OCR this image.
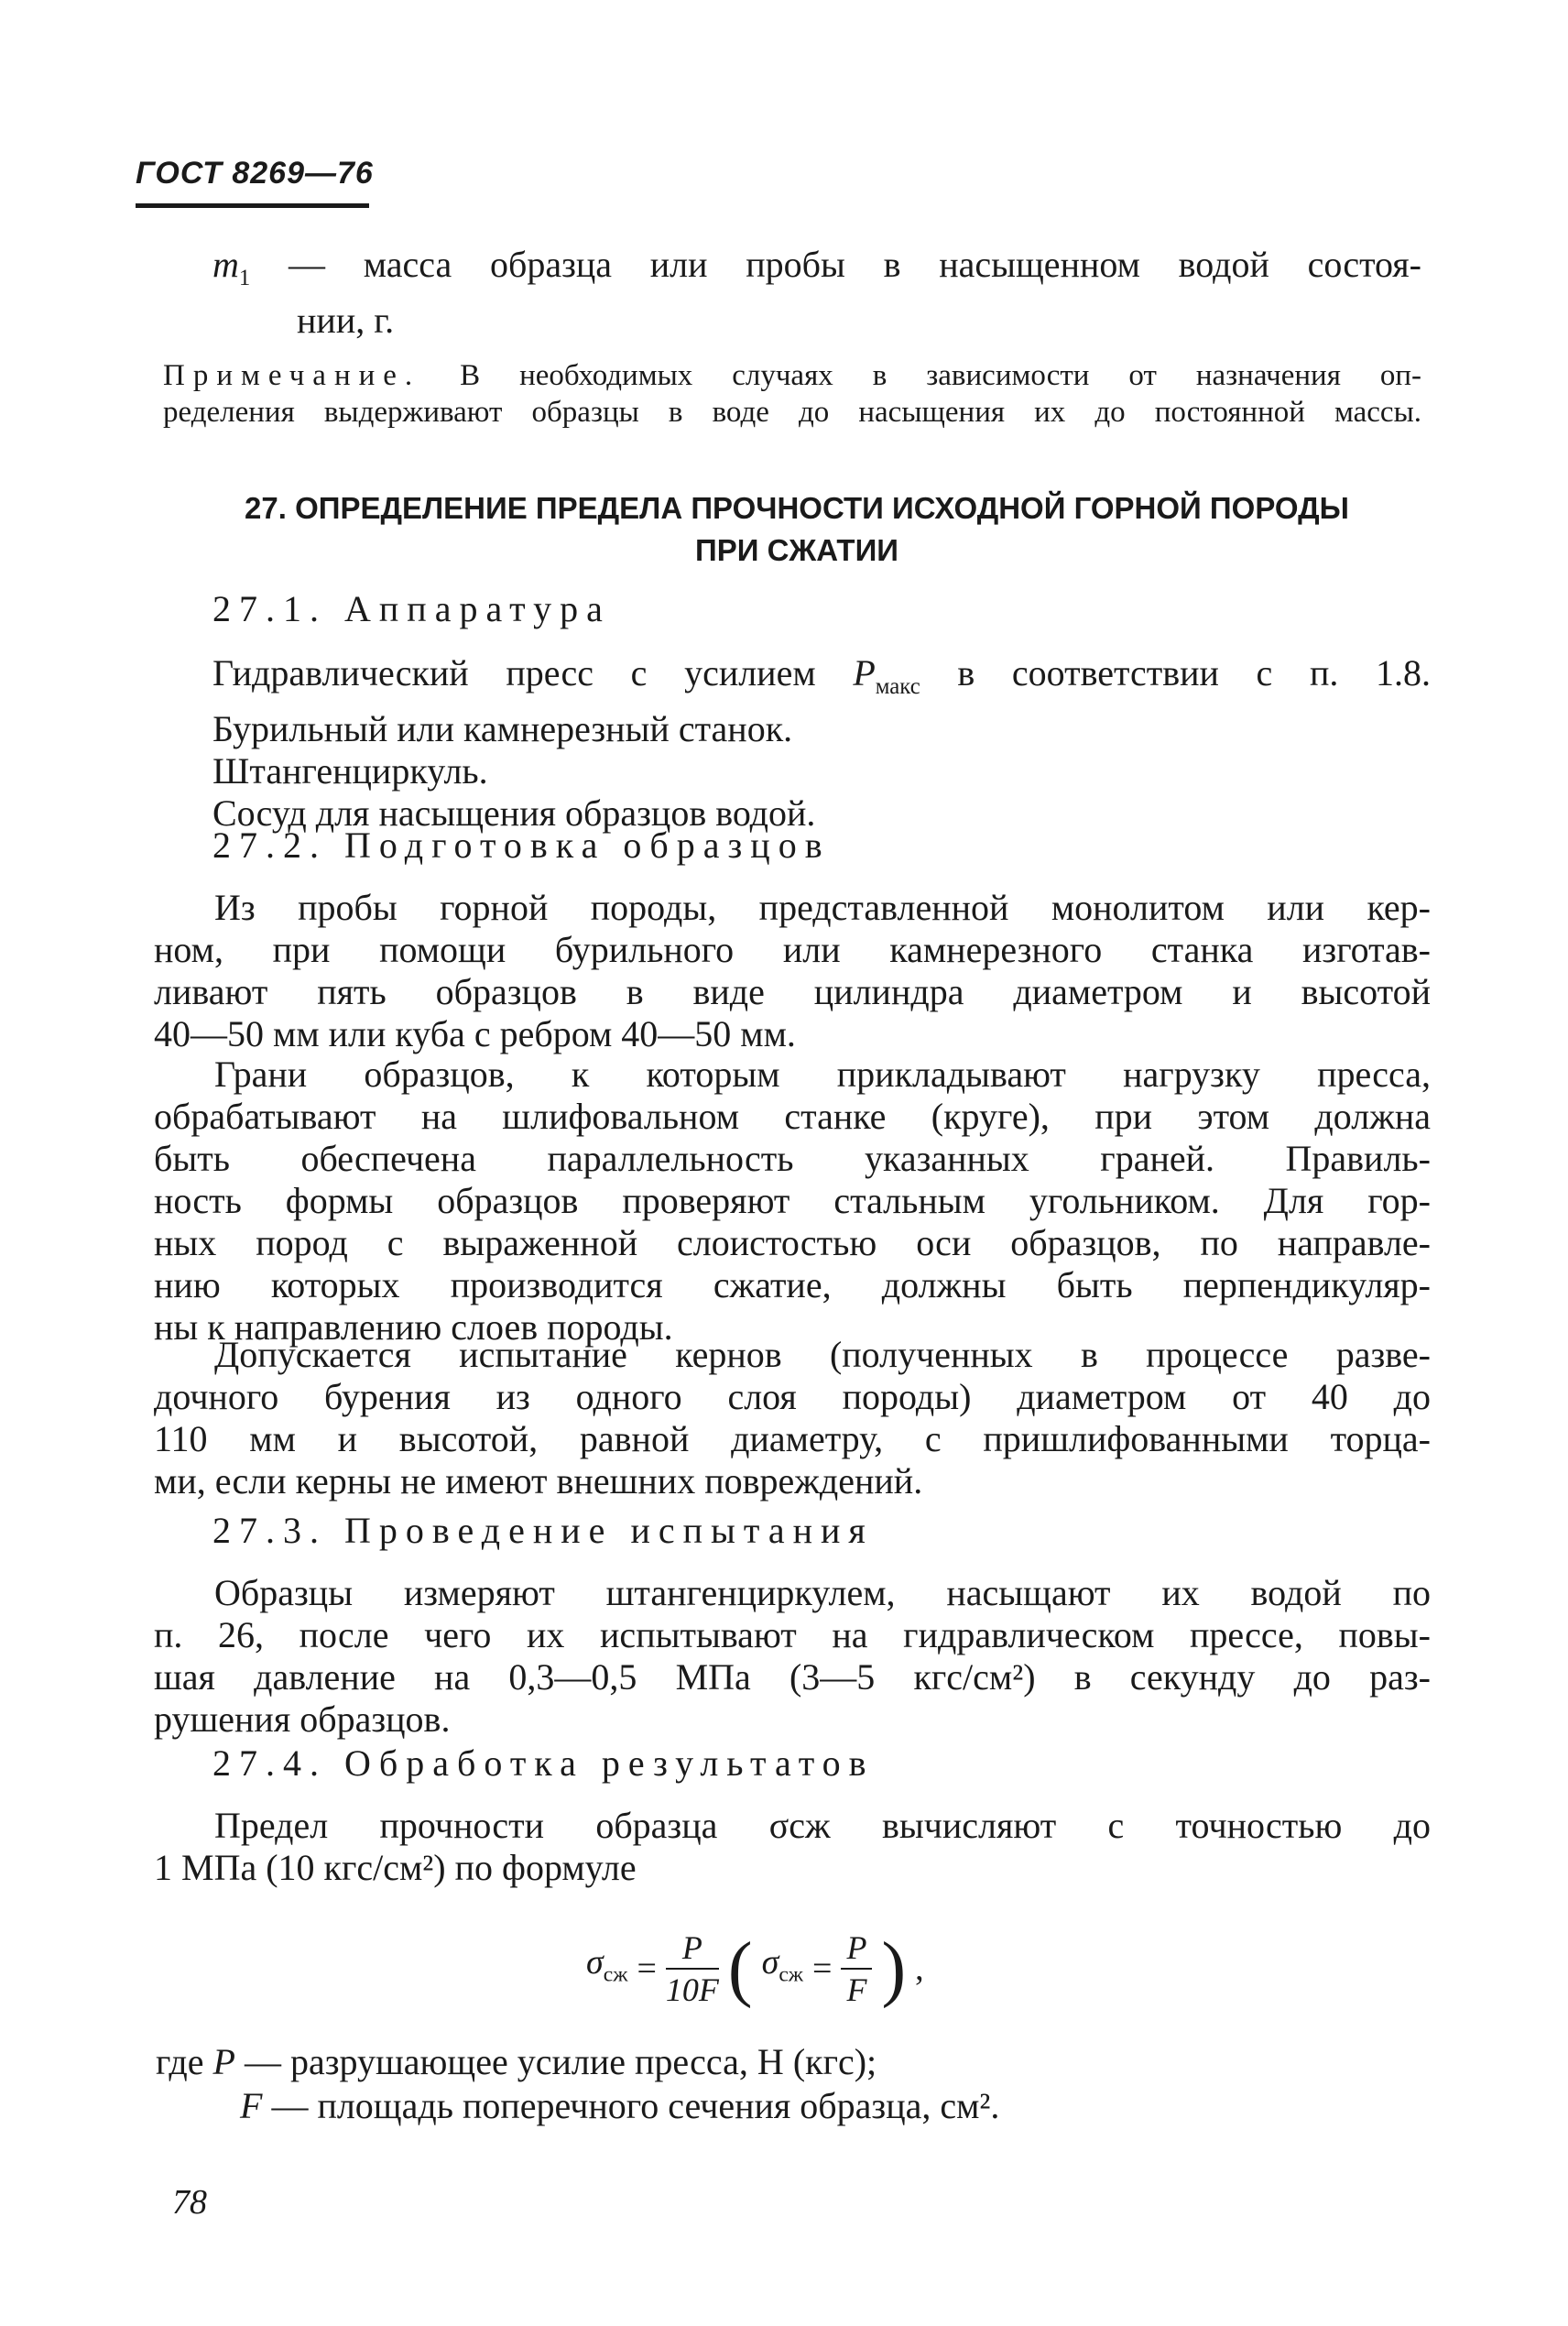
ГОСТ 8269—76
$m_1$ — масса образца или пробы в насыщенном водой состоя-
нии, г.
Примечание. В необходимых случаях в зависимости от назначения оп-
ределения выдерживают образцы в воде до насыщения их до постоянной массы.
27. ОПРЕДЕЛЕНИЕ ПРЕДЕЛА ПРОЧНОСТИ ИСХОДНОЙ ГОРНОЙ ПОРОДЫ
ПРИ СЖАТИИ
27.1. Аппаратура
Гидравлический пресс с усилием $P_{макс}$ в соответствии с п. 1.8.
Бурильный или камнерезный станок.
Штангенциркуль.
Сосуд для насыщения образцов водой.
27.2. Подготовка образцов
Из пробы горной породы, представленной монолитом или кер-
ном, при помощи бурильного или камнерезного станка изготав-
ливают пять образцов в виде цилиндра диаметром и высотой
40—50 мм или куба с ребром 40—50 мм.
Грани образцов, к которым прикладывают нагрузку пресса,
обрабатывают на шлифовальном станке (круге), при этом должна
быть обеспечена параллельность указанных граней. Правиль-
ность формы образцов проверяют стальным угольником. Для гор-
ных пород с выраженной слоистостью оси образцов, по направле-
нию которых производится сжатие, должны быть перпендикуляр-
ны к направлению слоев породы.
Допускается испытание кернов (полученных в процессе разве-
дочного бурения из одного слоя породы) диаметром от 40 до
110 мм и высотой, равной диаметру, с пришлифованными торца-
ми, если керны не имеют внешних повреждений.
27.3. Проведение испытания
Образцы измеряют штангенциркулем, насыщают их водой по
п. 26, после чего их испытывают на гидравлическом прессе, повы-
шая давление на 0,3—0,5 МПа (3—5 кгс/см²) в секунду до раз-
рушения образцов.
27.4. Обработка результатов
Предел прочности образца σсж вычисляют с точностью до
1 МПа (10 кгс/см²) по формуле
$\sigma_{сж} = \frac{P}{10F}$ ( $\sigma_{сж} = \frac{P}{F}$ ) ,
где P — разрушающее усилие пресса, Н (кгс);
F — площадь поперечного сечения образца, см².
78
